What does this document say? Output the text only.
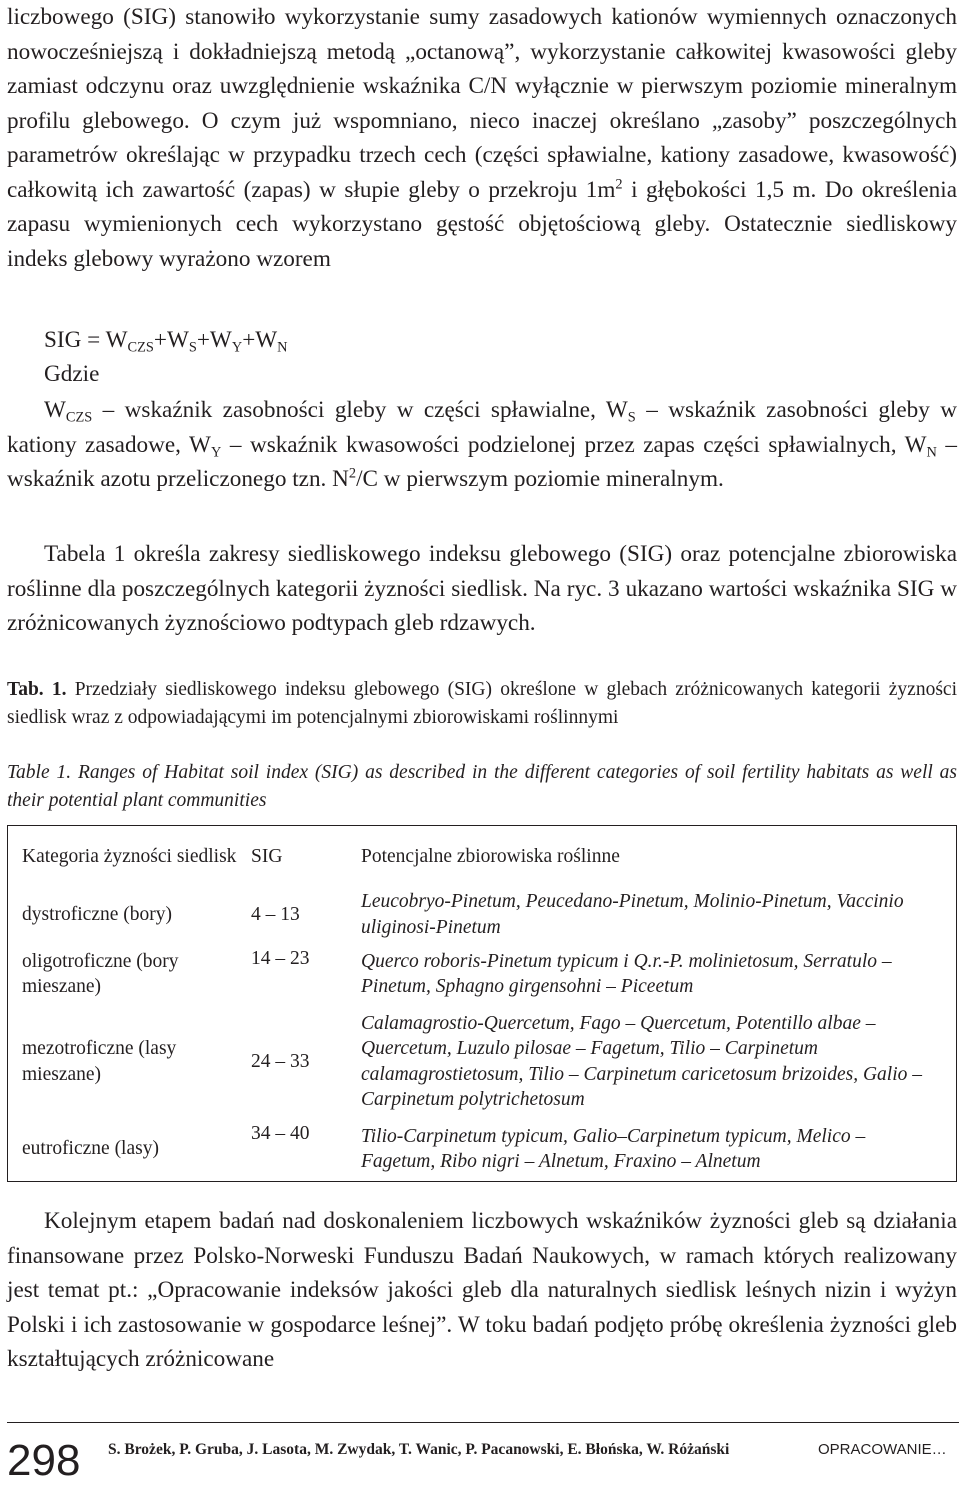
liczbowego (SIG) stanowiło wykorzystanie sumy zasadowych kationów wymiennych oznaczonych nowocześniejszą i dokładniejszą metodą „octanową”, wykorzystanie całkowitej kwasowości gleby zamiast odczynu oraz uwzględnienie wskaźnika C/N wyłącznie w pierwszym poziomie mineralnym profilu glebowego. O czym już wspomniano, nieco inaczej określano „zasoby” poszczególnych parametrów określając w przypadku trzech cech (części spławialne, kationy zasadowe, kwasowość) całkowitą ich zawartość (zapas) w słupie gleby o przekroju $1m^2$ i głębokości 1,5 m. Do określenia zapasu wymienionych cech wykorzystano gęstość objętościową gleby. Ostatecznie siedliskowy indeks glebowy wyrażono wzorem

SIG = $W_{CZS}+W_S+W_Y+W_N$

Gdzie

$W_{CZS}$ – wskaźnik zasobności gleby w części spławialne, $W_S$ – wskaźnik zasobności gleby w kationy zasadowe, $W_Y$ – wskaźnik kwasowości podzielonej przez zapas części spławialnych, $W_N$ – wskaźnik azotu przeliczonego tzn. $N^2/C$ w pierwszym poziomie mineralnym.

Tabela 1 określa zakresy siedliskowego indeksu glebowego (SIG) oraz potencjalne zbiorowiska roślinne dla poszczególnych kategorii żyzności siedlisk. Na ryc. 3 ukazano wartości wskaźnika SIG w zróżnicowanych żyznościowo podtypach gleb rdzawych.

Tab. 1. Przedziały siedliskowego indeksu glebowego (SIG) określone w glebach zróżnicowanych kategorii żyzności siedlisk wraz z odpowiadającymi im potencjalnymi zbiorowiskami roślinnymi

Table 1. Ranges of Habitat soil index (SIG) as described in the different categories of soil fertility habitats as well as their potential plant communities

Kategoria żyzności siedlisk	SIG	Potencjalne zbiorowiska roślinne
dystroficzne (bory)	4 – 13	Leucobryo-Pinetum, Peucedano-Pinetum, Molinio-Pinetum, Vaccinio uliginosi-Pinetum
oligotroficzne (bory mieszane)	14 – 23	Querco roboris-Pinetum typicum i Q.r.-P. molinietosum, Serratulo – Pinetum, Sphagno girgensohni – Piceetum
mezotroficzne (lasy mieszane)	24 – 33	Calamagrostio-Quercetum, Fago – Quercetum, Potentillo albae – Quercetum, Luzulo pilosae – Fagetum, Tilio – Carpinetum calamagrostietosum, Tilio – Carpinetum caricetosum brizoides, Galio – Carpinetum polytrichetosum
eutroficzne (lasy)	34 – 40	Tilio-Carpinetum typicum, Galio–Carpinetum typicum, Melico – Fagetum, Ribo nigri – Alnetum, Fraxino – Alnetum

Kolejnym etapem badań nad doskonaleniem liczbowych wskaźników żyzności gleb są działania finansowane przez Polsko-Norweski Funduszu Badań Naukowych, w ramach których realizowany jest temat pt.: „Opracowanie indeksów jakości gleb dla naturalnych siedlisk leśnych nizin i wyżyn Polski i ich zastosowanie w gospodarce leśnej”. W toku badań podjęto próbę określenia żyzności gleb kształtujących zróżnicowane

298 S. Brożek, P. Gruba, J. Lasota, M. Zwydak, T. Wanic, P. Pacanowski, E. Błońska, W. Różański	OPRACOWANIE…
